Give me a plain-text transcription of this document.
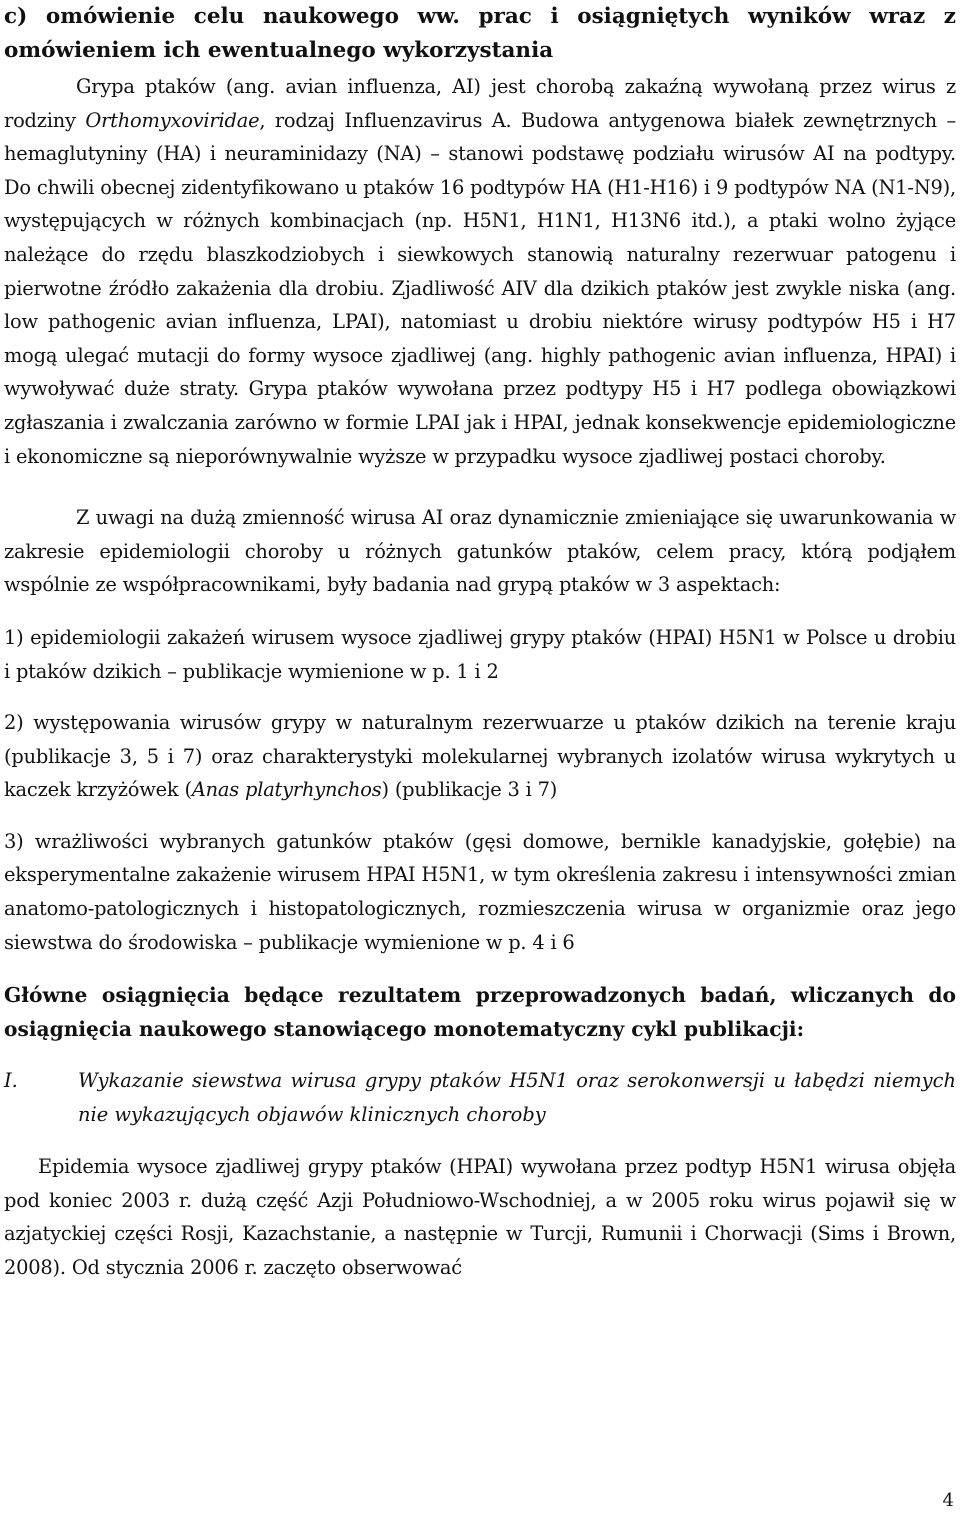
c) omówienie celu naukowego ww. prac i osiągniętych wyników wraz z omówieniem ich ewentualnego wykorzystania

Grypa ptaków (ang. avian influenza, AI) jest chorobą zakaźną wywołaną przez wirus z rodziny Orthomyxoviridae, rodzaj Influenzavirus A. Budowa antygenowa białek zewnętrznych – hemaglutyniny (HA) i neuraminidazy (NA) – stanowi podstawę podziału wirusów AI na podtypy. Do chwili obecnej zidentyfikowano u ptaków 16 podtypów HA (H1-H16) i 9 podtypów NA (N1-N9), występujących w różnych kombinacjach (np. H5N1, H1N1, H13N6 itd.), a ptaki wolno żyjące należące do rzędu blaszkodziobych i siewkowych stanowią naturalny rezerwuar patogenu i pierwotne źródło zakażenia dla drobiu. Zjadliwość AIV dla dzikich ptaków jest zwykle niska (ang. low pathogenic avian influenza, LPAI), natomiast u drobiu niektóre wirusy podtypów H5 i H7 mogą ulegać mutacji do formy wysoce zjadliwej (ang. highly pathogenic avian influenza, HPAI) i wywoływać duże straty. Grypa ptaków wywołana przez podtypy H5 i H7 podlega obowiązkowi zgłaszania i zwalczania zarówno w formie LPAI jak i HPAI, jednak konsekwencje epidemiologiczne i ekonomiczne są nieporównywalnie wyższe w przypadku wysoce zjadliwej postaci choroby.

Z uwagi na dużą zmienność wirusa AI oraz dynamicznie zmieniające się uwarunkowania w zakresie epidemiologii choroby u różnych gatunków ptaków, celem pracy, którą podjąłem wspólnie ze współpracownikami, były badania nad grypą ptaków w 3 aspektach:

1) epidemiologii zakażeń wirusem wysoce zjadliwej grypy ptaków (HPAI) H5N1 w Polsce u drobiu i ptaków dzikich – publikacje wymienione w p. 1 i 2

2) występowania wirusów grypy w naturalnym rezerwuarze u ptaków dzikich na terenie kraju (publikacje 3, 5 i 7) oraz charakterystyki molekularnej wybranych izolatów wirusa wykrytych u kaczek krzyżówek (Anas platyrhynchos) (publikacje 3 i 7)

3) wrażliwości wybranych gatunków ptaków (gęsi domowe, bernikle kanadyjskie, gołębie) na eksperymentalne zakażenie wirusem HPAI H5N1, w tym określenia zakresu i intensywności zmian anatomo-patologicznych i histopatologicznych, rozmieszczenia wirusa w organizmie oraz jego siewstwa do środowiska – publikacje wymienione w p. 4 i 6

Główne osiągnięcia będące rezultatem przeprowadzonych badań, wliczanych do osiągnięcia naukowego stanowiącego monotematyczny cykl publikacji:

I.	Wykazanie siewstwa wirusa grypy ptaków H5N1 oraz serokonwersji u łabędzi niemych nie wykazujących objawów klinicznych choroby

Epidemia wysoce zjadliwej grypy ptaków (HPAI) wywołana przez podtyp H5N1 wirusa objęła pod koniec 2003 r. dużą część Azji Południowo-Wschodniej, a w 2005 roku wirus pojawił się w azjatyckiej części Rosji, Kazachstanie, a następnie w Turcji, Rumunii i Chorwacji (Sims i Brown, 2008). Od stycznia 2006 r. zaczęto obserwować

4
